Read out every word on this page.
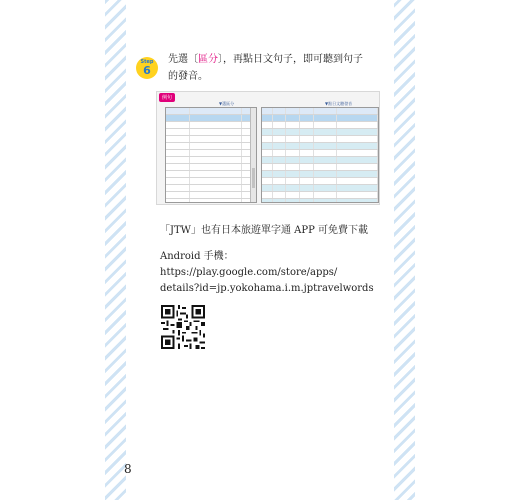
Step
6
先選〔區分〕，再點日文句子，即可聽到句子
的發音。
例句
▼選區分	▼點日文聽發音
「JTW」也有日本旅遊單字通 APP 可免費下載
Android 手機：
https://play.google.com/store/apps/
details?id=jp.yokohama.i.m.jptravelwords
8
